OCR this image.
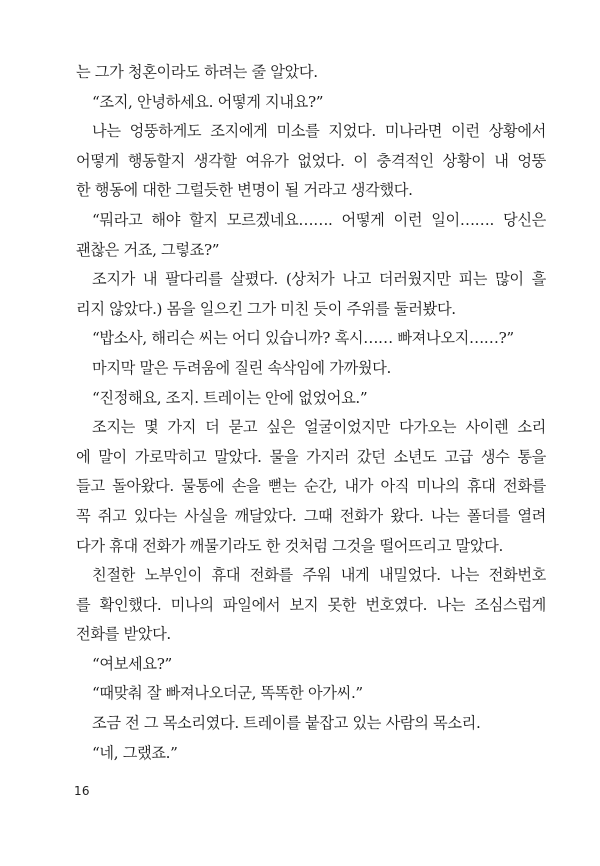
는 그가 청혼이라도 하려는 줄 알았다.
“조지, 안녕하세요. 어떻게 지내요?”
나는 엉뚱하게도 조지에게 미소를 지었다. 미나라면 이런 상황에서
어떻게 행동할지 생각할 여유가 없었다. 이 충격적인 상황이 내 엉뚱
한 행동에 대한 그럴듯한 변명이 될 거라고 생각했다.
“뭐라고 해야 할지 모르겠네요……. 어떻게 이런 일이……. 당신은
괜찮은 거죠, 그렇죠?”
조지가 내 팔다리를 살폈다. (상처가 나고 더러웠지만 피는 많이 흘
리지 않았다.) 몸을 일으킨 그가 미친 듯이 주위를 둘러봤다.
“밥소사, 해리슨 씨는 어디 있습니까? 혹시…… 빠져나오지……?”
마지막 말은 두려움에 질린 속삭임에 가까웠다.
“진정해요, 조지. 트레이는 안에 없었어요.”
조지는 몇 가지 더 묻고 싶은 얼굴이었지만 다가오는 사이렌 소리
에 말이 가로막히고 말았다. 물을 가지러 갔던 소년도 고급 생수 통을
들고 돌아왔다. 물통에 손을 뻗는 순간, 내가 아직 미나의 휴대 전화를
꼭 쥐고 있다는 사실을 깨달았다. 그때 전화가 왔다. 나는 폴더를 열려
다가 휴대 전화가 깨물기라도 한 것처럼 그것을 떨어뜨리고 말았다.
친절한 노부인이 휴대 전화를 주워 내게 내밀었다. 나는 전화번호
를 확인했다. 미나의 파일에서 보지 못한 번호였다. 나는 조심스럽게
전화를 받았다.
“여보세요?”
“때맞춰 잘 빠져나오더군, 똑똑한 아가씨.”
조금 전 그 목소리였다. 트레이를 붙잡고 있는 사람의 목소리.
“네, 그랬죠.”
16
